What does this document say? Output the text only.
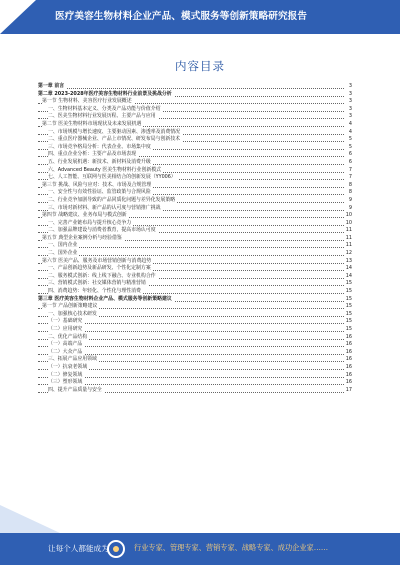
医疗美容生物材料企业产品、模式服务等创新策略研究报告
内容目录
第一章 前言	3
第二章 2023-2028年医疗美容生物材料行业前景及挑战分析	3
第一节 生物材料、美容医疗行业发展概述	3
一、生物材料基本定义、分类及产品功能与价值介绍	3
二、医美生物材料行业发展历程、主要产品与应用	3
第二节 医美生物材料市场现状及未来发展机遇	4
一、市场规模与增长速度、主要驱动因素、渗透率及消费情况	4
二、重点医疗器械企业、产品上市情况、研发布局与创新技术	5
三、市场竞争格局分析：代表企业、市场集中度	5
四、重点企业分析：主要产品及市场表现	6
五、行业发展机遇：新技术、新材料及消费升级	6
六、Advanced Beauty 医美生物材料行业创新模式	7
七、人工智能、互联网与医美相结合的创新发展（YY006）	7
第三节 挑战、风险与应对：技术、市场及合规管理	8
一、安全性与有效性验证、监管政策与合规风险	8
二、行业竞争加剧导致的产品同质化问题与差异化发展策略	9
三、市场对新材料、新产品的认可度与营销推广挑战	9
第四节 战略建议、业务布局与模式创新	10
一、完善产业链布局与提升核心竞争力	10
二、加强品牌建设与消费者教育，提高市场认可度	11
第五节 典型企业案例分析与经验借鉴	11
一、国内企业	11
二、国外企业	12
第六节 医美产品、服务及市场营销创新与消费趋势	13
一、产品创新趋势及新品研发、个性化定制方案	14
二、服务模式创新：线上线下融合、专业机构合作	14
三、营销模式创新：社交媒体营销与精准营销	15
四、消费趋势：年轻化、个性化与理性消费	15
第三章 医疗美容生物材料企业产品、模式服务等创新策略建议	15
第一节 产品创新策略建议	15
一、加强核心技术研发	15
（一）基础研究	15
（二）应用研究	15
二、优化产品结构	16
（一）高端产品	16
（二）大众产品	16
三、拓展产品应用领域	16
（一）抗衰老领域	16
（二）修复领域	16
（三）塑形领域	16
四、提升产品质量与安全	17
让每个人都能成为	行业专家、管理专家、营销专家、战略专家、成功企业家……
